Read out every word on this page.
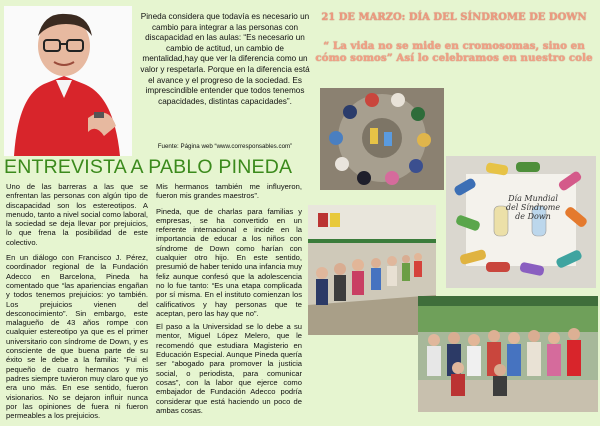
Pineda considera que todavía es necesario un cambio para integrar a las personas con discapacidad en las aulas: “Es necesario un cambio de actitud, un cambio de mentalidad,hay que ver la diferencia como un valor y respetarla. Porque en la diferencia está el avance y el progreso de la sociedad. Es imprescindible entender que todos tenemos capacidades, distintas capacidades”.
Fuente: Página web “www.corresponsables.com”
ENTREVISTA A PABLO PINEDA

Uno de las barreras a las que se enfrentan las personas con algún tipo de discapacidad son los estereotipos. A menudo, tanto a nivel social como laboral, la sociedad se deja llevar por prejuicios, lo que frena la posibilidad de este colectivo.

En un diálogo con Francisco J. Pérez, coordinador regional de la Fundación Adecco en Barcelona, Pineda ha comentado que “las apariencias engañan y todos tenemos prejuicios: yo también. Los prejuicios vienen del desconocimiento”. Sin embargo, este malagueño de 43 años rompe con cualquier estereotipo ya que es el primer universitario con síndrome de Down, y es consciente de que buena parte de su éxito se le debe a la familia: “Fui el pequeño de cuatro hermanos y mis padres siempre tuvieron muy claro que yo era uno más. En ese sentido, fueron visionarios. No se dejaron influir nunca por las opiniones de fuera ni fueron permeables a los prejuicios.

Mis hermanos también me influyeron, fueron mis grandes maestros”.

Pineda, que de charlas para familias y empresas, se ha convertido en un referente internacional e incide en la importancia de educar a los niños con síndrome de Down como harían con cualquier otro hijo. En este sentido, presumió de haber tenido una infancia muy feliz aunque confesó que la adolescencia no lo fue tanto: “Es una etapa complicada por sí misma. En el instituto comienzan los calificativos y hay personas que te aceptan, pero las hay que no”.

El paso a la Universidad se lo debe a su mentor, Miguel López Melero, que le recomendó que estudiara Magisterio en Educación Especial. Aunque Pineda quería ser “abogado para promover la justicia social, o periodista, para comunicar cosas”, con la labor que ejerce como embajador de Fundación Adecco podría considerar que está haciendo un poco de ambas cosas.

21 DE MARZO: DÍA DEL SÍNDROME DE DOWN
“ La vida no se mide en cromosomas, sino en cómo somos” Así lo celebramos en nuestro cole
Día Mundial
del Síndrome
de Down
